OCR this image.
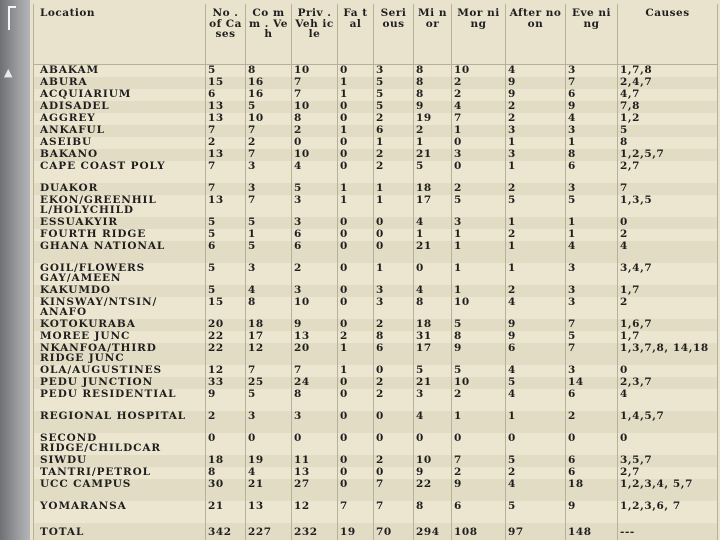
▲
Location	No . of Ca ses	Co mm . Veh	Priv . Veh icle	Fa tal	Seri ous	Mi nor	Mor ning	After noon	Eve ning	Causes
ABAKAM	5	8	10	0	3	8	10	4	3	1,7,8
ABURA	15	16	7	1	5	8	2	9	7	2,4,7
ACQUIARIUM	6	16	7	1	5	8	2	9	6	4,7
ADISADEL	13	5	10	0	5	9	4	2	9	7,8
AGGREY	13	10	8	0	2	19	7	2	4	1,2
ANKAFUL	7	7	2	1	6	2	1	3	3	5
ASEIBU	2	2	0	0	1	1	0	1	1	8
BAKANO	13	7	10	0	2	21	3	3	8	1,2,5,7
CAPE COAST POLY	7	3	4	0	2	5	0	1	6	2,7
DUAKOR	7	3	5	1	1	18	2	2	3	7
EKON/GREENHIL L/HOLYCHILD	13	7	3	1	1	17	5	5	5	1,3,5
ESSUAKYIR	5	5	3	0	0	4	3	1	1	0
FOURTH RIDGE	5	1	6	0	0	1	1	2	1	2
GHANA NATIONAL	6	5	6	0	0	21	1	1	4	4
GOIL/FLOWERS GAY/AMEEN	5	3	2	0	1	0	1	1	3	3,4,7
KAKUMDO	5	4	3	0	3	4	1	2	3	1,7
KINSWAY/NTSIN/ ANAFO	15	8	10	0	3	8	10	4	3	2
KOTOKURABA	20	18	9	0	2	18	5	9	7	1,6,7
MOREE JUNC	22	17	13	2	8	31	8	9	5	1,7
NKANFOA/THIRD RIDGE JUNC	22	12	20	1	6	17	9	6	7	1,3,7,8, 14,18
OLA/AUGUSTINES	12	7	7	1	0	5	5	4	3	0
PEDU JUNCTION	33	25	24	0	2	21	10	5	14	2,3,7
PEDU RESIDENTIAL	9	5	8	0	2	3	2	4	6	4
REGIONAL HOSPITAL	2	3	3	0	0	4	1	1	2	1,4,5,7
SECOND RIDGE/CHILDCAR	0	0	0	0	0	0	0	0	0	0
SIWDU	18	19	11	0	2	10	7	5	6	3,5,7
TANTRI/PETROL	8	4	13	0	0	9	2	2	6	2,7
UCC CAMPUS	30	21	27	0	7	22	9	4	18	1,2,3,4, 5,7
YOMARANSA	21	13	12	7	7	8	6	5	9	1,2,3,6, 7
TOTAL	342	227	232	19	70	294	108	97	148	---
